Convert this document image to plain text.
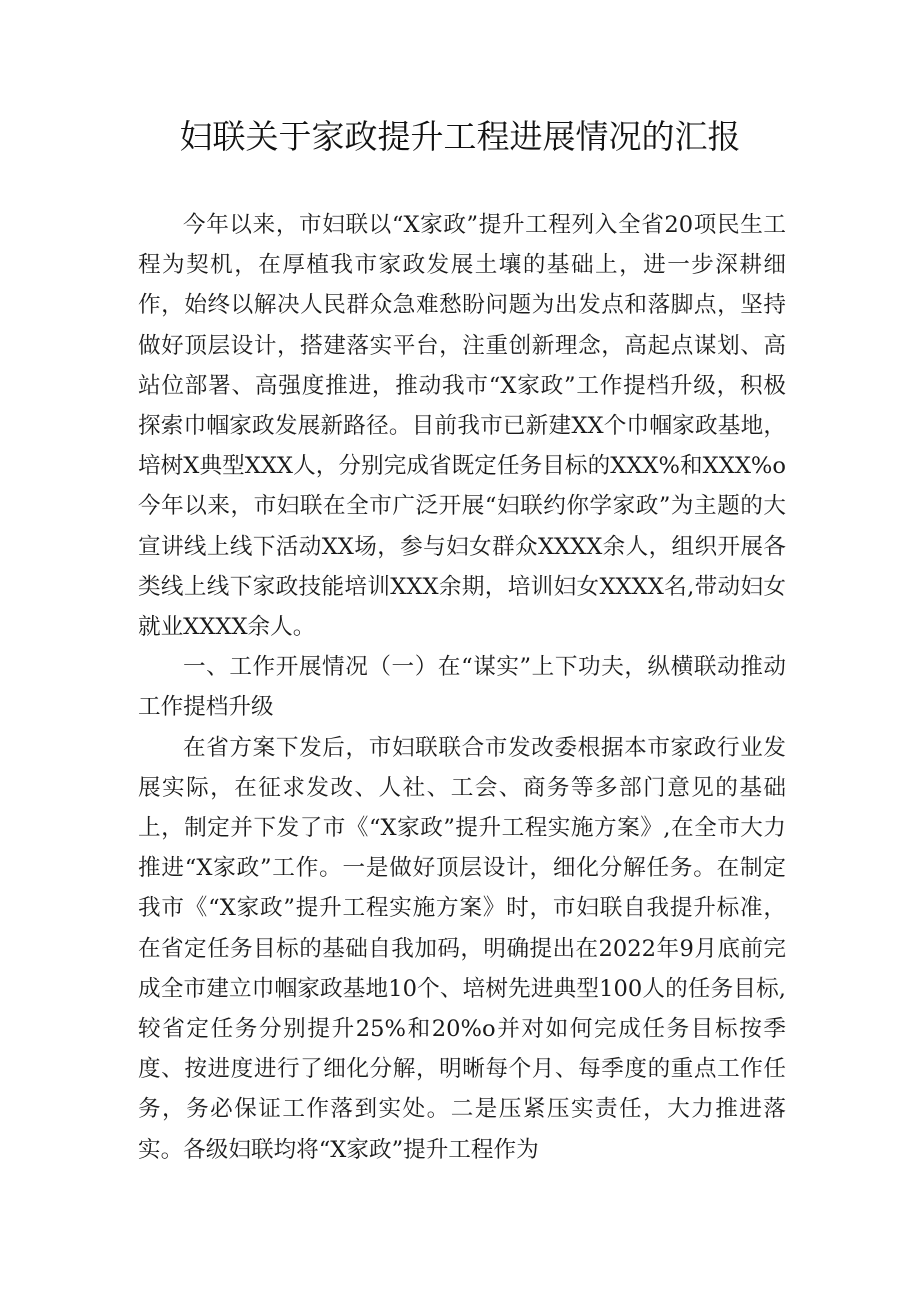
妇联关于家政提升工程进展情况的汇报

今年以来，市妇联以“X家政”提升工程列入全省20项民生工程为契机，在厚植我市家政发展土壤的基础上，进一步深耕细作，始终以解决人民群众急难愁盼问题为出发点和落脚点，坚持做好顶层设计，搭建落实平台，注重创新理念，高起点谋划、高站位部署、高强度推进，推动我市“X家政”工作提档升级，积极探索巾帼家政发展新路径。目前我市已新建XX个巾帼家政基地，培树X典型XXX人，分别完成省既定任务目标的XXX%和XXX%o今年以来，市妇联在全市广泛开展“妇联约你学家政”为主题的大宣讲线上线下活动XX场，参与妇女群众XXXX余人，组织开展各类线上线下家政技能培训XXX余期，培训妇女XXXX名,带动妇女就业XXXX余人。

一、工作开展情况（一）在“谋实”上下功夫，纵横联动推动工作提档升级

在省方案下发后，市妇联联合市发改委根据本市家政行业发展实际，在征求发改、人社、工会、商务等多部门意见的基础上，制定并下发了市《“X家政”提升工程实施方案》,在全市大力推进“X家政”工作。一是做好顶层设计，细化分解任务。在制定我市《“X家政”提升工程实施方案》时，市妇联自我提升标准，在省定任务目标的基础自我加码，明确提出在2022年9月底前完成全市建立巾帼家政基地10个、培树先进典型100人的任务目标,较省定任务分别提升25%和20%o并对如何完成任务目标按季度、按进度进行了细化分解，明晰每个月、每季度的重点工作任务，务必保证工作落到实处。二是压紧压实责任，大力推进落实。各级妇联均将“X家政”提升工程作为
